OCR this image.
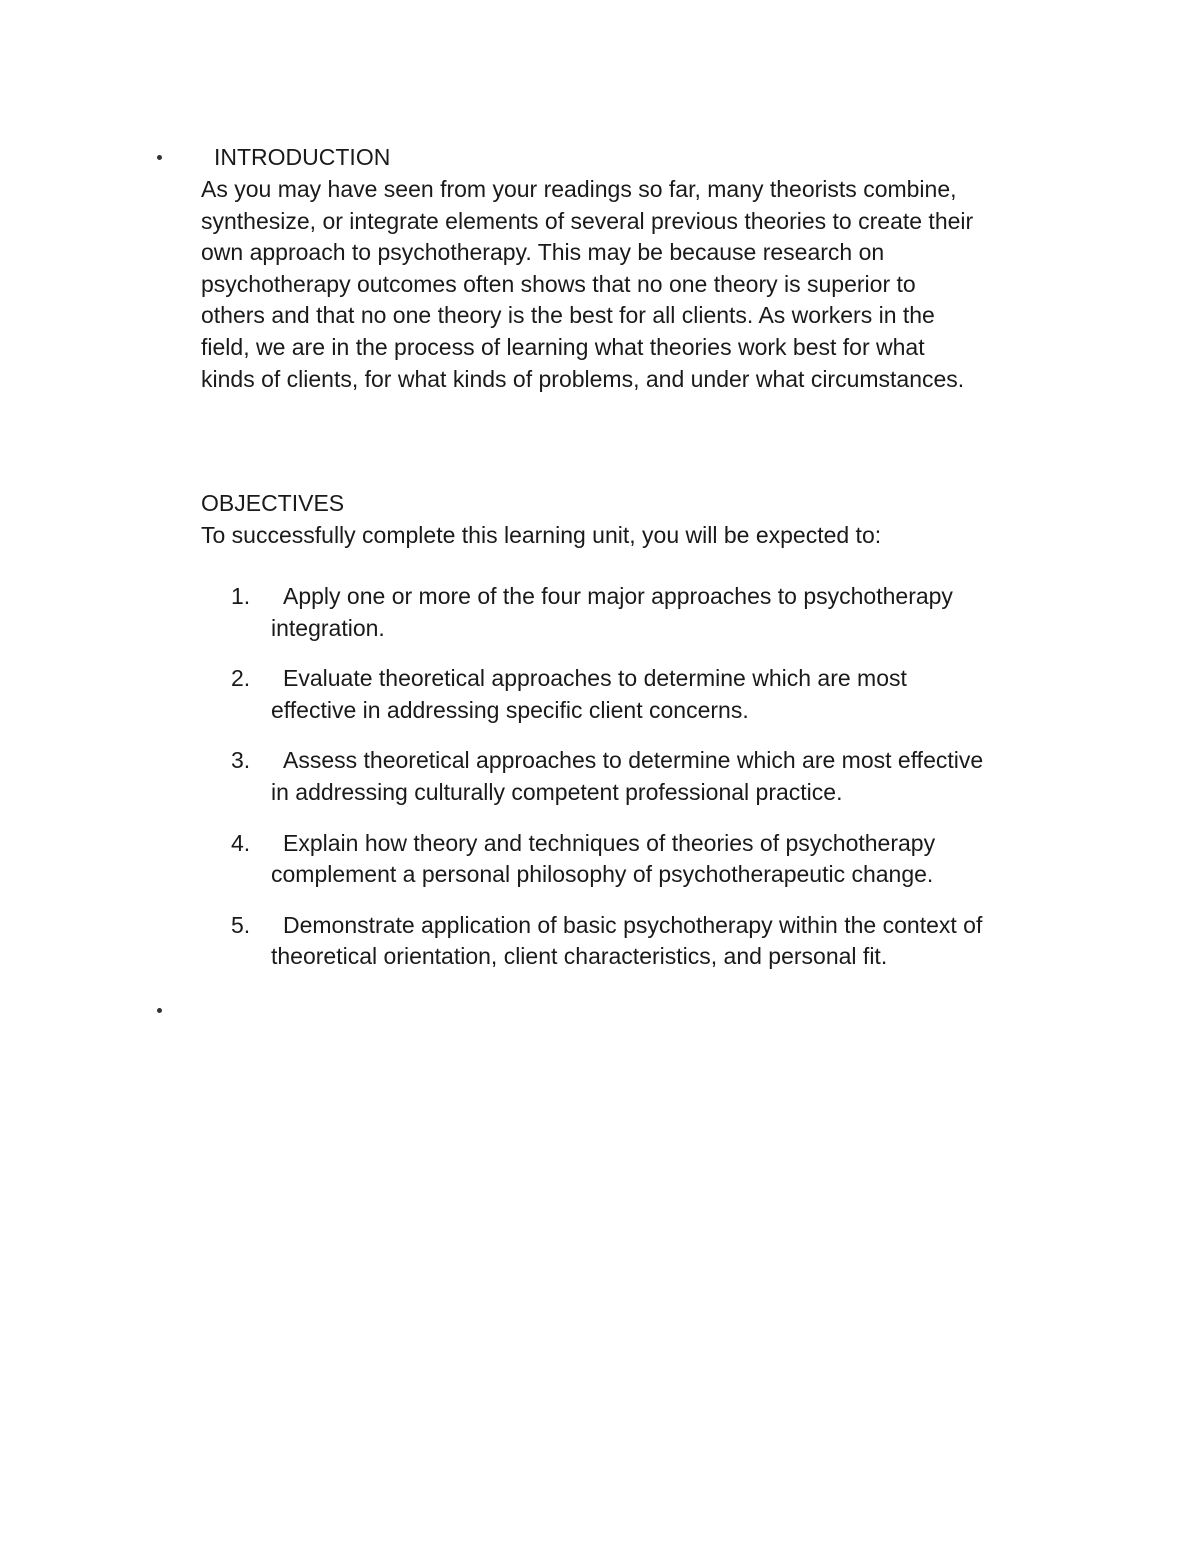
INTRODUCTION
As you may have seen from your readings so far, many theorists combine,
synthesize, or integrate elements of several previous theories to create their
own approach to psychotherapy. This may be because research on
psychotherapy outcomes often shows that no one theory is superior to
others and that no one theory is the best for all clients. As workers in the
field, we are in the process of learning what theories work best for what
kinds of clients, for what kinds of problems, and under what circumstances.
OBJECTIVES
To successfully complete this learning unit, you will be expected to:
1.	Apply one or more of the four major approaches to psychotherapy
integration.
2.	Evaluate theoretical approaches to determine which are most
effective in addressing specific client concerns.
3.	Assess theoretical approaches to determine which are most effective
in addressing culturally competent professional practice.
4.	Explain how theory and techniques of theories of psychotherapy
complement a personal philosophy of psychotherapeutic change.
5.	Demonstrate application of basic psychotherapy within the context of
theoretical orientation, client characteristics, and personal fit.
